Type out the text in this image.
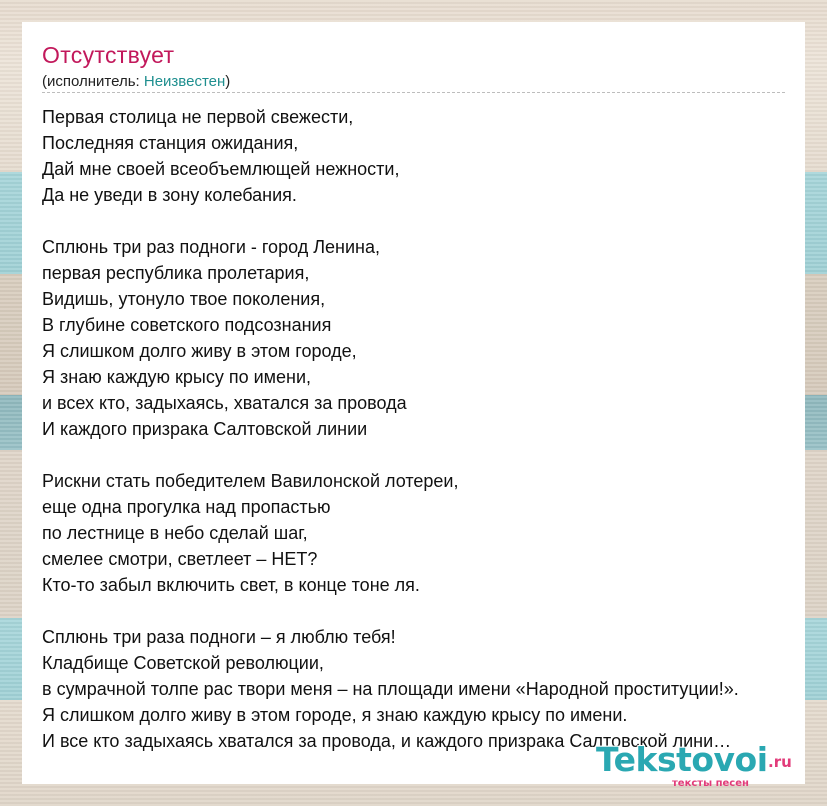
Отсутствует
(исполнитель: Неизвестен)
Первая столица не первой свежести,
Последняя станция ожидания,
Дай мне своей всеобъемлющей нежности,
Да не уведи в зону колебания.
Сплюнь три раз подноги - город Ленина,
первая республика пролетария,
Видишь, утонуло твое поколения,
В глубине советского подсознания
Я слишком долго живу в этом городе,
Я знаю каждую крысу по имени,
и всех кто, задыхаясь, хватался за провода
И каждого призрака Салтовской линии
Рискни стать победителем Вавилонской лотереи,
еще одна прогулка над пропастью
по лестнице в небо сделай шаг,
смелее смотри, светлеет – НЕТ?
Кто-то забыл включить свет, в конце тоне ля.
Сплюнь три раза подноги – я люблю тебя!
Кладбище Советской революции,
в сумрачной толпе рас твори меня – на площади имени «Народной проституции!».
Я слишком долго живу в этом городе, я знаю каждую крысу по имени.
И все кто задыхаясь хватался за провода, и каждого призрака Салтовской лини…
Tekstovoi .ru
тексты песен
